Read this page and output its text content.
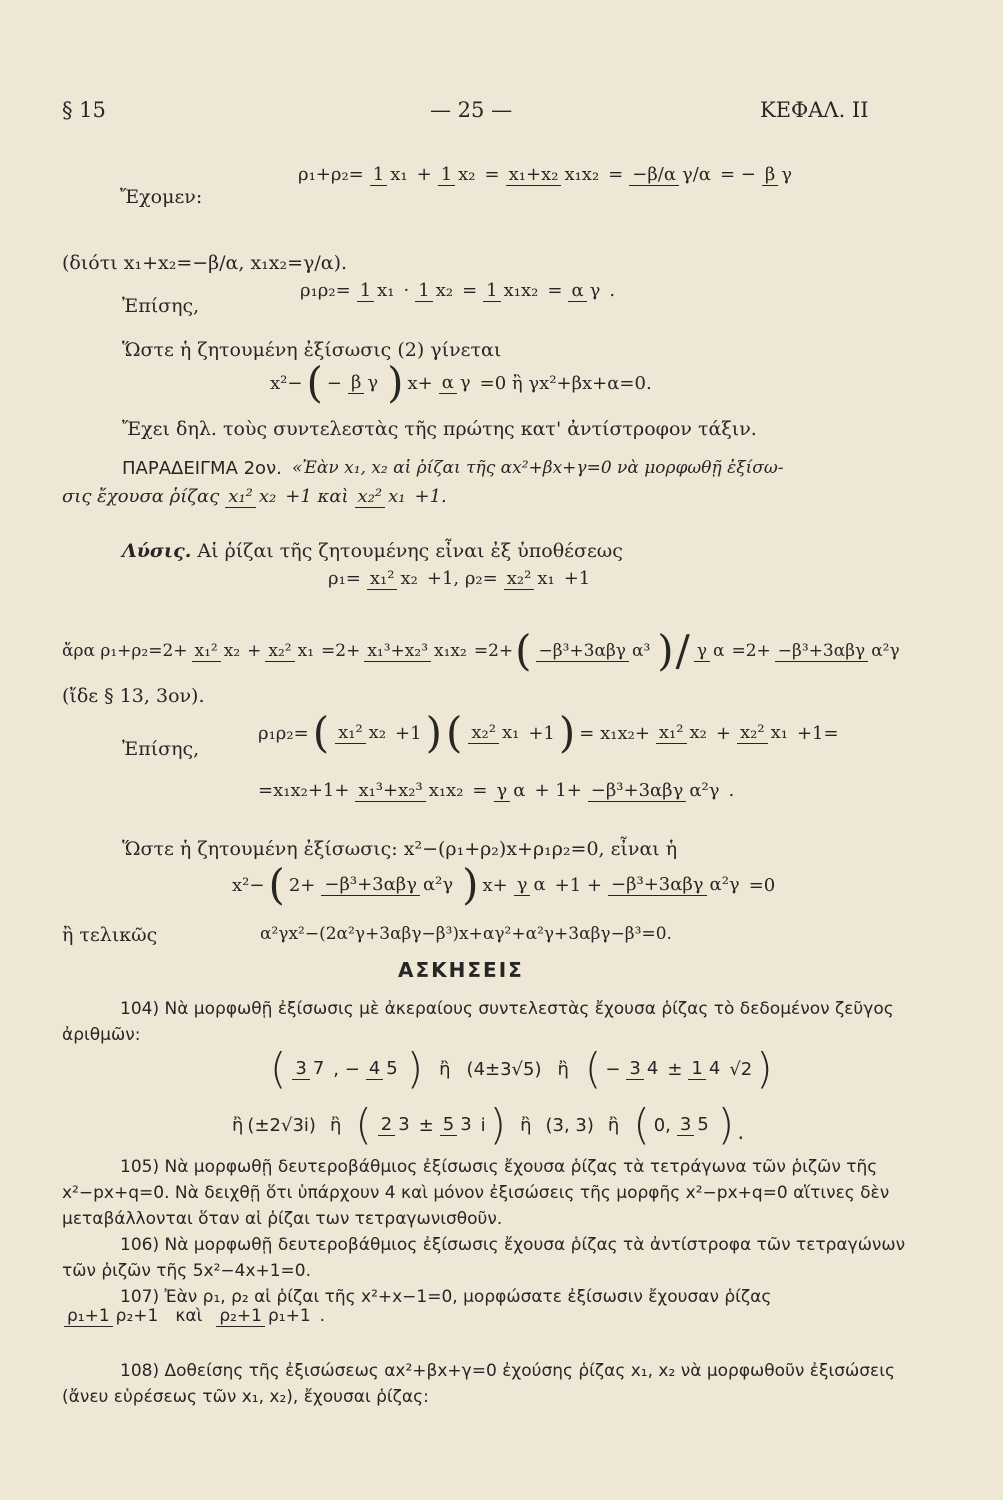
§ 15	— 25 —	ΚΕΦΑΛ. ΙΙ
Ἔχομεν:
ρ₁+ρ₂= 1 x₁ + 1 x₂ = x₁+x₂ x₁x₂ = −β/α γ/α = − β γ
(διότι x₁+x₂=−β/α, x₁x₂=γ/α).
Ἐπίσης,
ρ₁ρ₂= 1 x₁ · 1 x₂ = 1 x₁x₂ = α γ .
Ὥστε ἡ ζητουμένη ἐξίσωσις (2) γίνεται
x²− ( − β γ ) x+ α γ =0 ἢ γx²+βx+α=0.
Ἔχει δηλ. τοὺς συντελεστὰς τῆς πρώτης κατ' ἀντίστροφον τάξιν.
ΠΑΡΑΔΕΙΓΜΑ 2ον. «Ἐὰν x₁, x₂ αἱ ῥίζαι τῆς αx²+βx+γ=0 νὰ μορφωθῇ ἐξίσω-
σις ἔχουσα ῥίζας x₁² x₂ +1 καὶ x₂² x₁ +1.
Λύσις. Αἱ ῥίζαι τῆς ζητουμένης εἶναι ἐξ ὑποθέσεως
ρ₁= x₁² x₂ +1, ρ₂= x₂² x₁ +1
ἄρα ρ₁+ρ₂=2+ x₁² x₂ + x₂² x₁ =2+ x₁³+x₂³ x₁x₂ =2+ ( −β³+3αβγ α³ ) / γ α =2+ −β³+3αβγ α²γ
(ἴδε § 13, 3ον).
Ἐπίσης,
ρ₁ρ₂= ( x₁² x₂ +1 ) ( x₂² x₁ +1 ) = x₁x₂+ x₁² x₂ + x₂² x₁ +1=
=x₁x₂+1+ x₁³+x₂³ x₁x₂ = γ α + 1+ −β³+3αβγ α²γ .
Ὥστε ἡ ζητουμένη ἐξίσωσις: x²−(ρ₁+ρ₂)x+ρ₁ρ₂=0, εἶναι ἡ
x²− ( 2+ −β³+3αβγ α²γ ) x+ γ α +1 + −β³+3αβγ α²γ =0
ἢ τελικῶς	α²γx²−(2α²γ+3αβγ−β³)x+αγ²+α²γ+3αβγ−β³=0.
ΑΣΚΗΣΕΙΣ
104) Νὰ μορφωθῇ ἐξίσωσις μὲ ἀκεραίους συντελεστὰς ἔχουσα ῥίζας τὸ δεδομένον ζεῦγος ἀριθμῶν:
( 3 7 , − 4 5 ) ἢ (4±3√5) ἢ ( − 3 4 ± 1 4 √2 )
ἢ (±2√3i) ἢ ( 2 3 ± 5 3 i ) ἢ (3, 3) ἢ ( 0, 3 5 ).
105) Νὰ μορφωθῇ δευτεροβάθμιος ἐξίσωσις ἔχουσα ῥίζας τὰ τετράγωνα τῶν ῥιζῶν τῆς x²−px+q=0. Νὰ δειχθῇ ὅτι ὑπάρχουν 4 καὶ μόνον ἐξισώσεις τῆς μορφῆς x²−px+q=0 αἵτινες δὲν μεταβάλλονται ὅταν αἱ ῥίζαι των τετραγωνισθοῦν.
106) Νὰ μορφωθῇ δευτεροβάθμιος ἐξίσωσις ἔχουσα ῥίζας τὰ ἀντίστροφα τῶν τετραγώνων τῶν ῥιζῶν τῆς 5x²−4x+1=0.
107) Ἐὰν ρ₁, ρ₂ αἱ ῥίζαι τῆς x²+x−1=0, μορφώσατε ἐξίσωσιν ἔχουσαν ῥίζας
ρ₁+1 ρ₂+1 καὶ ρ₂+1 ρ₁+1 .
108) Δοθείσης τῆς ἐξισώσεως αx²+βx+γ=0 ἐχούσης ῥίζας x₁, x₂ νὰ μορφωθοῦν ἐξισώσεις (ἄνευ εὑρέσεως τῶν x₁, x₂), ἔχουσαι ῥίζας:
